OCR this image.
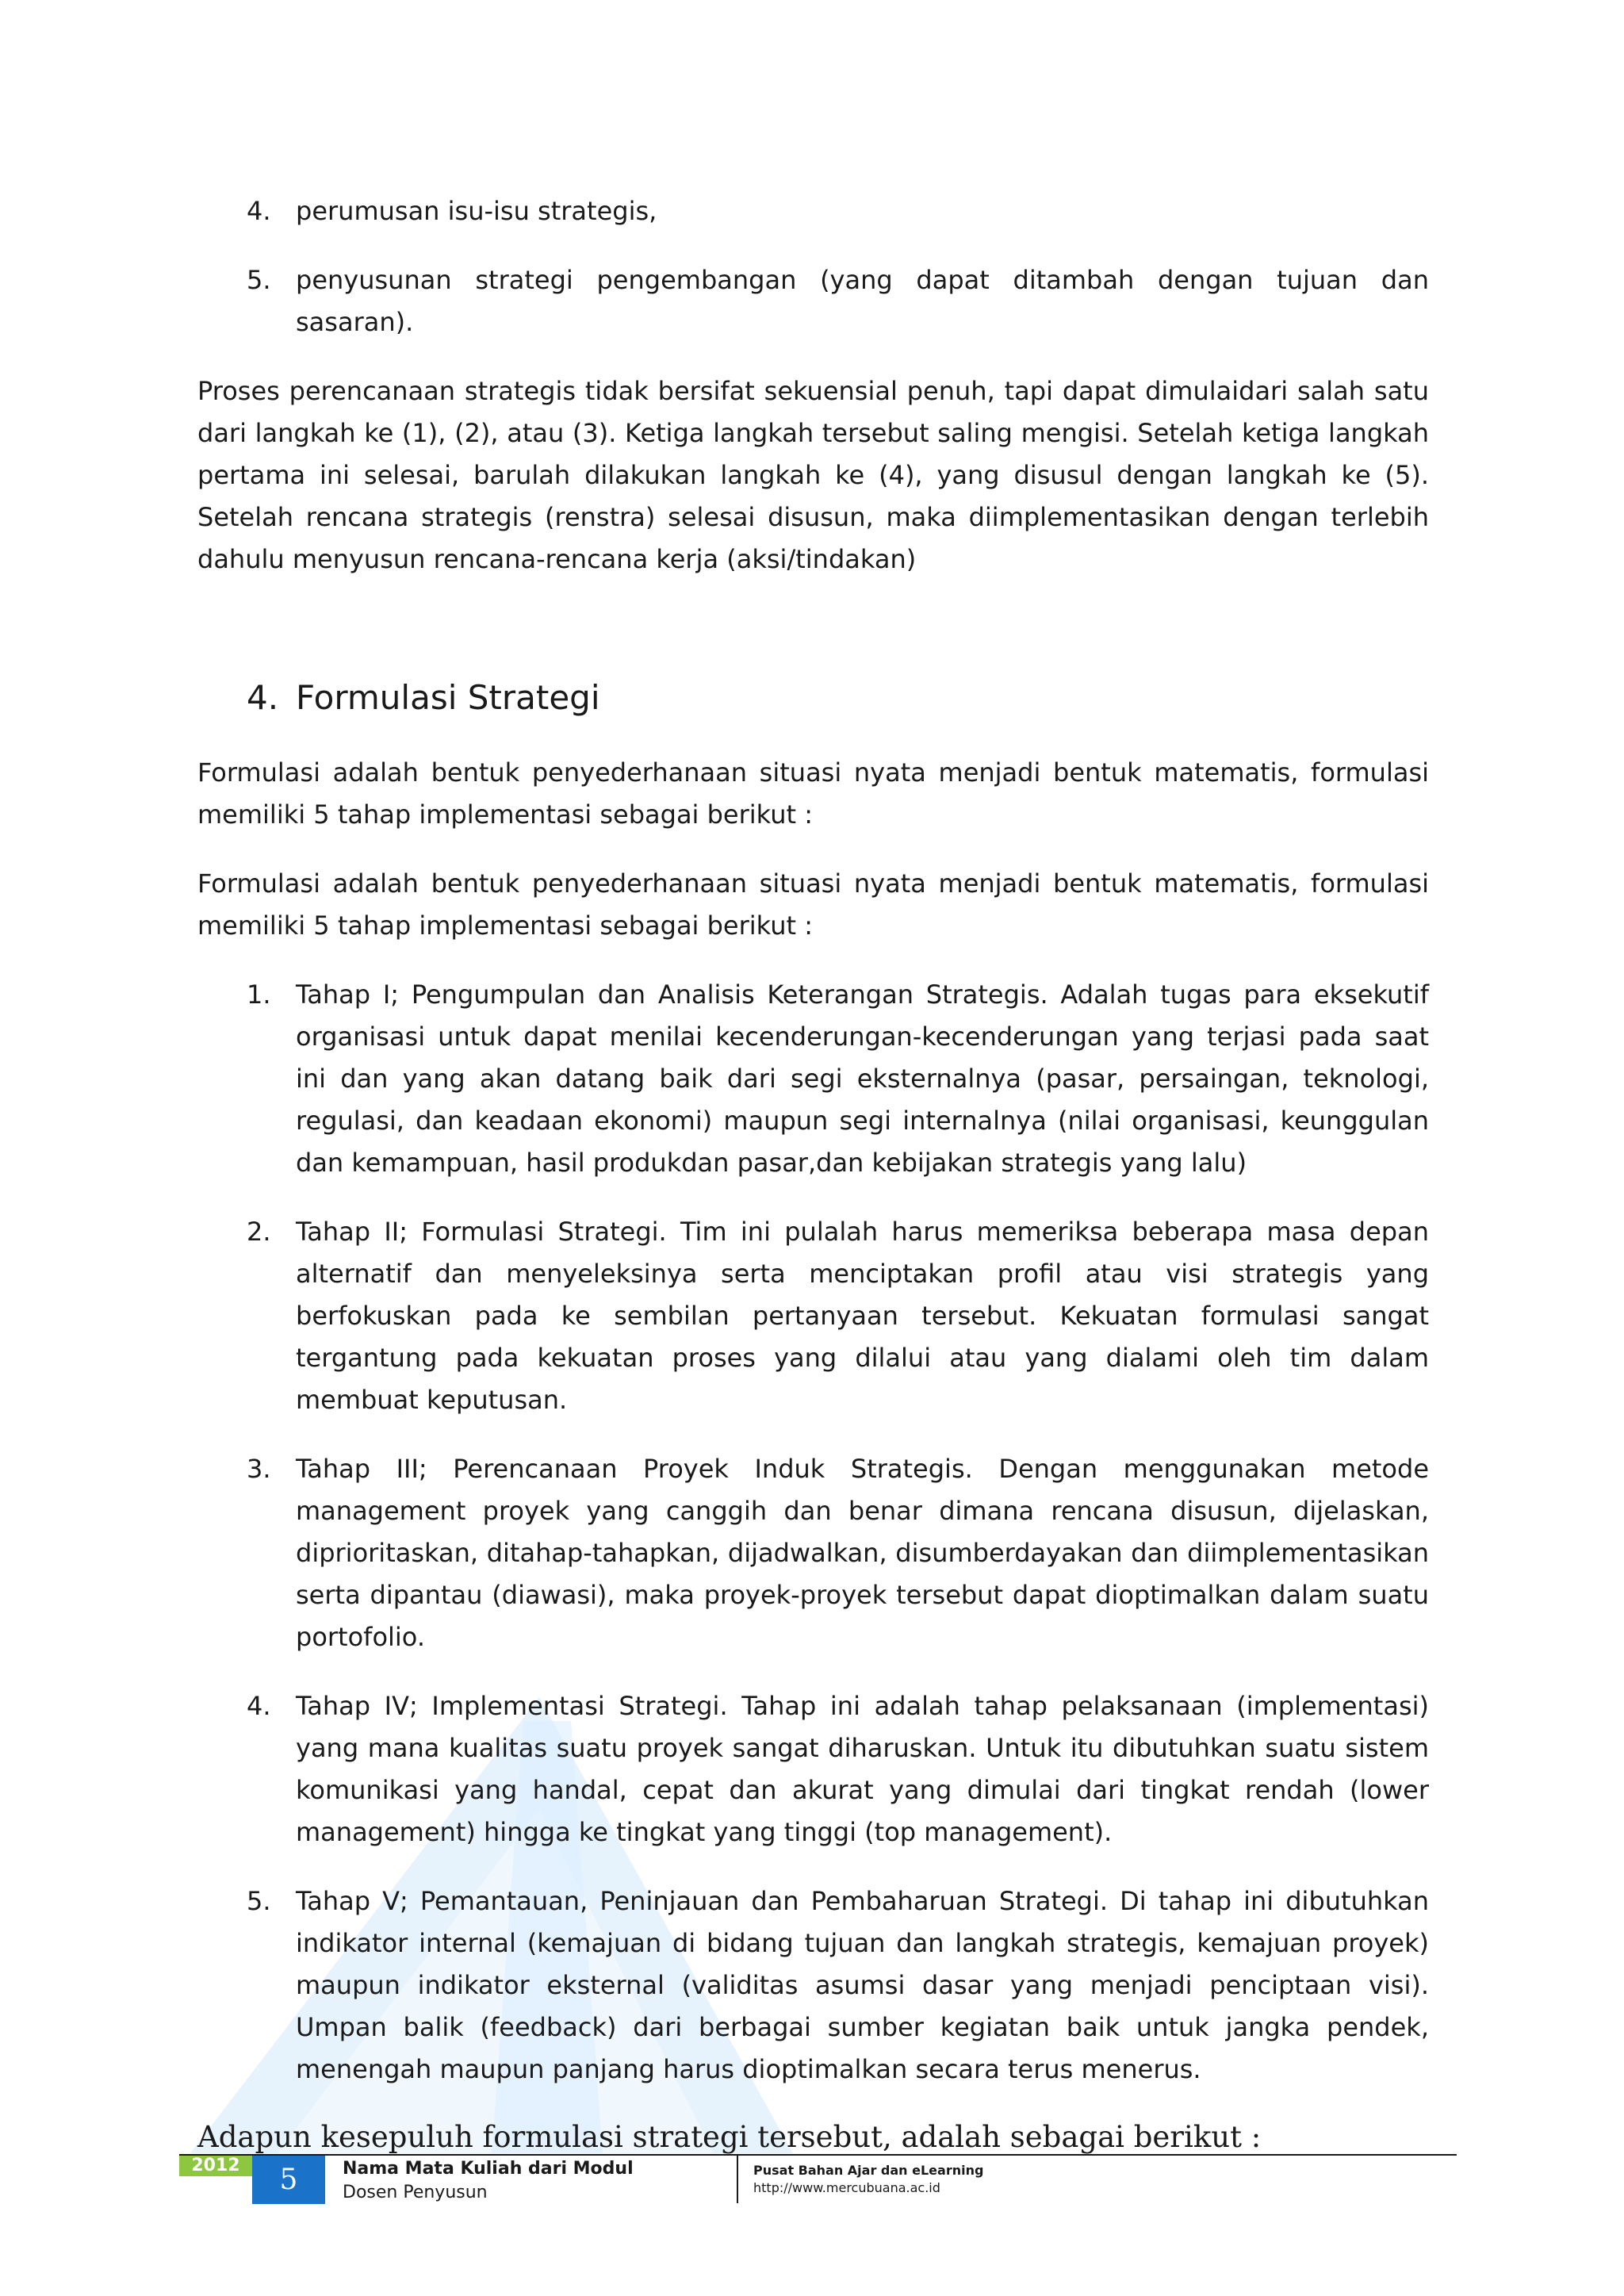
4. perumusan isu-isu strategis,
5. penyusunan strategi pengembangan (yang dapat ditambah dengan tujuan dan sasaran).

Proses perencanaan strategis tidak bersifat sekuensial penuh, tapi dapat dimulaidari salah satu dari langkah ke (1), (2), atau (3). Ketiga langkah tersebut saling mengisi. Setelah ketiga langkah pertama ini selesai, barulah dilakukan langkah ke (4), yang disusul dengan langkah ke (5). Setelah rencana strategis (renstra) selesai disusun, maka diimplementasikan dengan terlebih dahulu menyusun rencana-rencana kerja (aksi/tindakan)

4. Formulasi Strategi

Formulasi adalah bentuk penyederhanaan situasi nyata menjadi bentuk matematis, formulasi memiliki 5 tahap implementasi sebagai berikut :

Formulasi adalah bentuk penyederhanaan situasi nyata menjadi bentuk matematis, formulasi memiliki 5 tahap implementasi sebagai berikut :

1. Tahap I; Pengumpulan dan Analisis Keterangan Strategis. Adalah tugas para eksekutif organisasi untuk dapat menilai kecenderungan-kecenderungan yang terjasi pada saat ini dan yang akan datang baik dari segi eksternalnya (pasar, persaingan, teknologi, regulasi, dan keadaan ekonomi) maupun segi internalnya (nilai organisasi, keunggulan dan kemampuan, hasil produkdan pasar,dan kebijakan strategis yang lalu)
2. Tahap II; Formulasi Strategi. Tim ini pulalah harus memeriksa beberapa masa depan alternatif dan menyeleksinya serta menciptakan profil atau visi strategis yang berfokuskan pada ke sembilan pertanyaan tersebut. Kekuatan formulasi sangat tergantung pada kekuatan proses yang dilalui atau yang dialami oleh tim dalam membuat keputusan.
3. Tahap III; Perencanaan Proyek Induk Strategis. Dengan menggunakan metode management proyek yang canggih dan benar dimana rencana disusun, dijelaskan, diprioritaskan, ditahap-tahapkan, dijadwalkan, disumberdayakan dan diimplementasikan serta dipantau (diawasi), maka proyek-proyek tersebut dapat dioptimalkan dalam suatu portofolio.
4. Tahap IV; Implementasi Strategi. Tahap ini adalah tahap pelaksanaan (implementasi) yang mana kualitas suatu proyek sangat diharuskan. Untuk itu dibutuhkan suatu sistem komunikasi yang handal, cepat dan akurat yang dimulai dari tingkat rendah (lower management) hingga ke tingkat yang tinggi (top management).
5. Tahap V; Pemantauan, Peninjauan dan Pembaharuan Strategi. Di tahap ini dibutuhkan indikator internal (kemajuan di bidang tujuan dan langkah strategis, kemajuan proyek) maupun indikator eksternal (validitas asumsi dasar yang menjadi penciptaan visi). Umpan balik (feedback) dari berbagai sumber kegiatan baik untuk jangka pendek, menengah maupun panjang harus dioptimalkan secara terus menerus.

Adapun kesepuluh formulasi strategi tersebut, adalah sebagai berikut :

2012	5	Nama Mata Kuliah dari Modul
Dosen Penyusun
Pusat Bahan Ajar dan eLearning
http://www.mercubuana.ac.id
